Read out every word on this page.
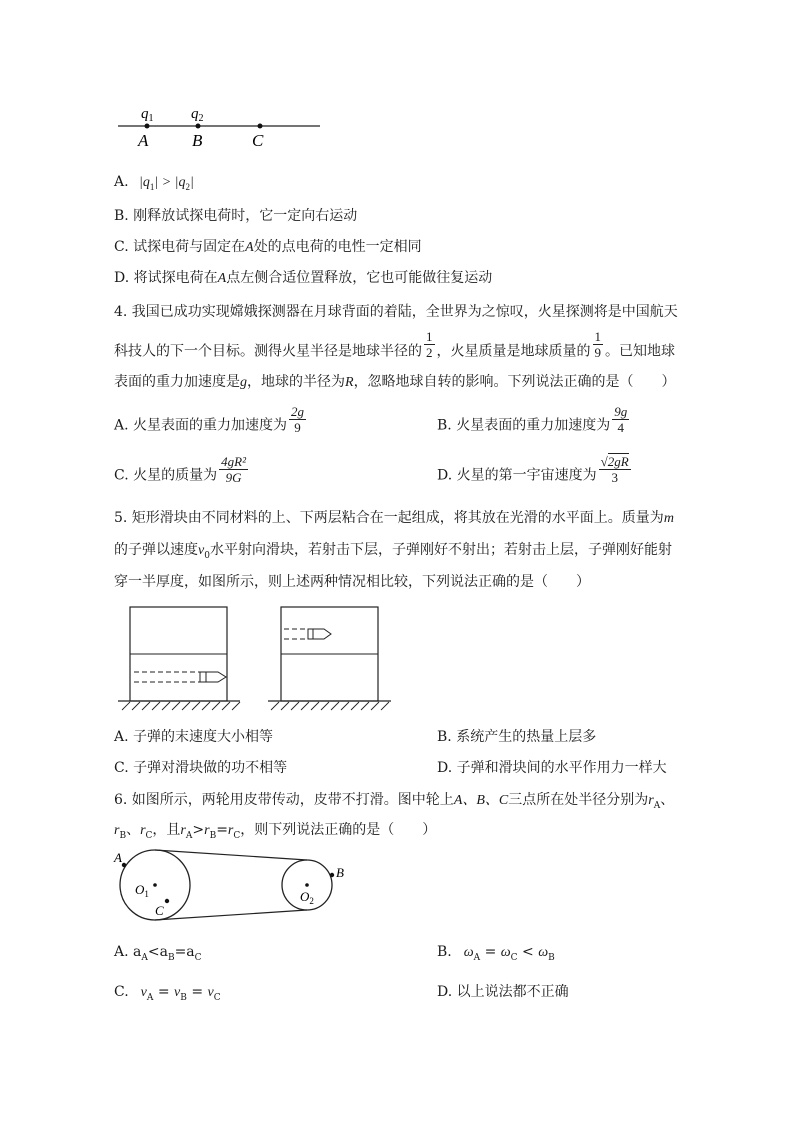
$q_1$	$q_2$
A	B	C
A. $|q_1| > |q_2|$
B. 刚释放试探电荷时，它一定向右运动
C. 试探电荷与固定在A处的点电荷的电性一定相同
D. 将试探电荷在A点左侧合适位置释放，它也可能做往复运动
4. 我国已成功实现嫦娥探测器在月球背面的着陆，全世界为之惊叹，火星探测将是中国航天
科技人的下一个目标。测得火星半径是地球半径的 $\frac{1}{2}$ ，火星质量是地球质量的 $\frac{1}{9}$ 。已知地球
表面的重力加速度是g，地球的半径为R，忽略地球自转的影响。下列说法正确的是（　　）
A. 火星表面的重力加速度为 $\frac{2g}{9}$	B. 火星表面的重力加速度为 $\frac{9g}{4}$
C. 火星的质量为 $\frac{\text{4gR²}}{9G}$	D. 火星的第一宇宙速度为 $\frac{√2gR}{3}$
5. 矩形滑块由不同材料的上、下两层粘合在一起组成，将其放在光滑的水平面上。质量为m
的子弹以速度$v_0$水平射向滑块，若射击下层，子弹刚好不射出；若射击上层，子弹刚好能射
穿一半厚度，如图所示，则上述两种情况相比较，下列说法正确的是（　　）
A. 子弹的末速度大小相等	B. 系统产生的热量上层多
C. 子弹对滑块做的功不相等	D. 子弹和滑块间的水平作用力一样大
6. 如图所示，两轮用皮带传动，皮带不打滑。图中轮上A、B、C三点所在处半径分别为$r_A$、
$r_B$、$r_C$，且$r_A>r_B=r_C$，则下列说法正确的是（　　）
A
B
C
$O_1$	$O_2$
A. $a_A<a_B=a_C$	B. $\omega_A = \omega_C < \omega_B$
C. $v_A = v_B = v_C$	D. 以上说法都不正确
